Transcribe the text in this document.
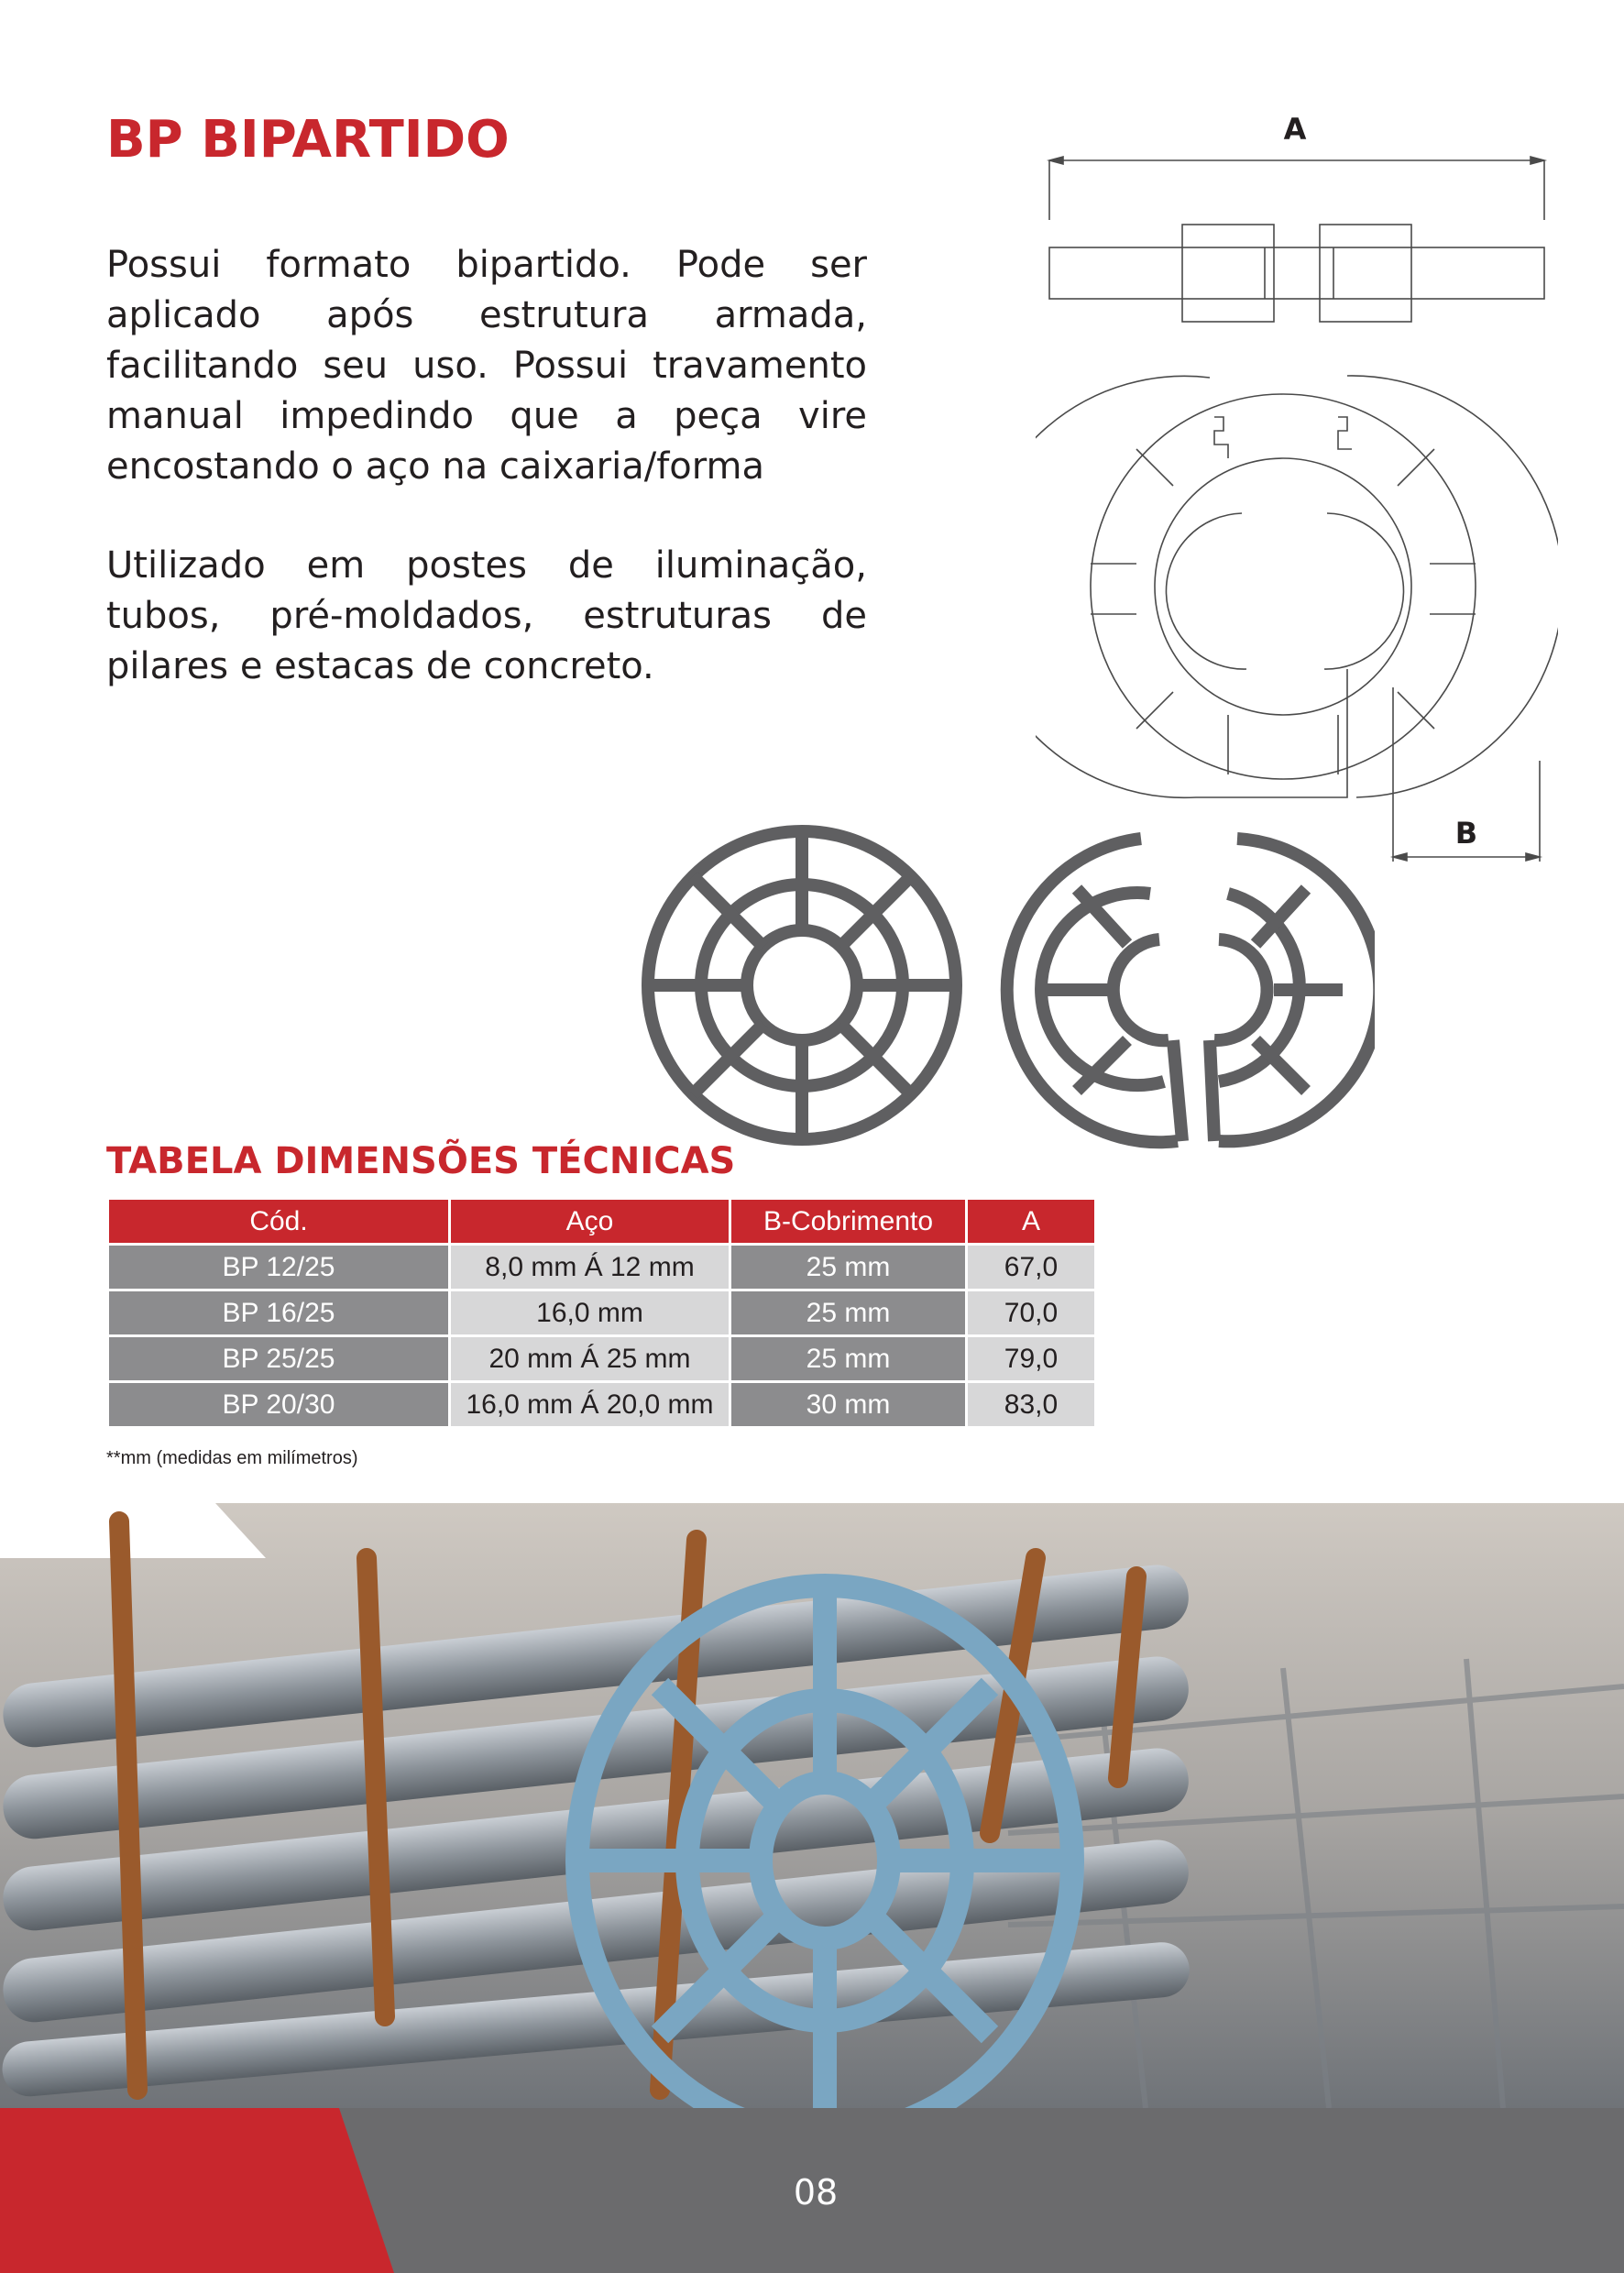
BP BIPARTIDO

Possui formato bipartido. Pode ser aplicado após estrutura armada, facilitando seu uso. Possui travamento manual impedindo que a peça vire encostando o aço na caixaria/forma

Utilizado em postes de iluminação, tubos, pré-moldados, estruturas de pilares e estacas de concreto.

A
B
TABELA DIMENSÕES TÉCNICAS
Cód.	Aço	B-Cobrimento	A
BP 12/25	8,0 mm Á 12 mm	25 mm	67,0
BP 16/25	16,0 mm	25 mm	70,0
BP 25/25	20 mm Á 25 mm	25 mm	79,0
BP 20/30	16,0 mm Á 20,0 mm	30 mm	83,0

**mm (medidas em milímetros)

08
